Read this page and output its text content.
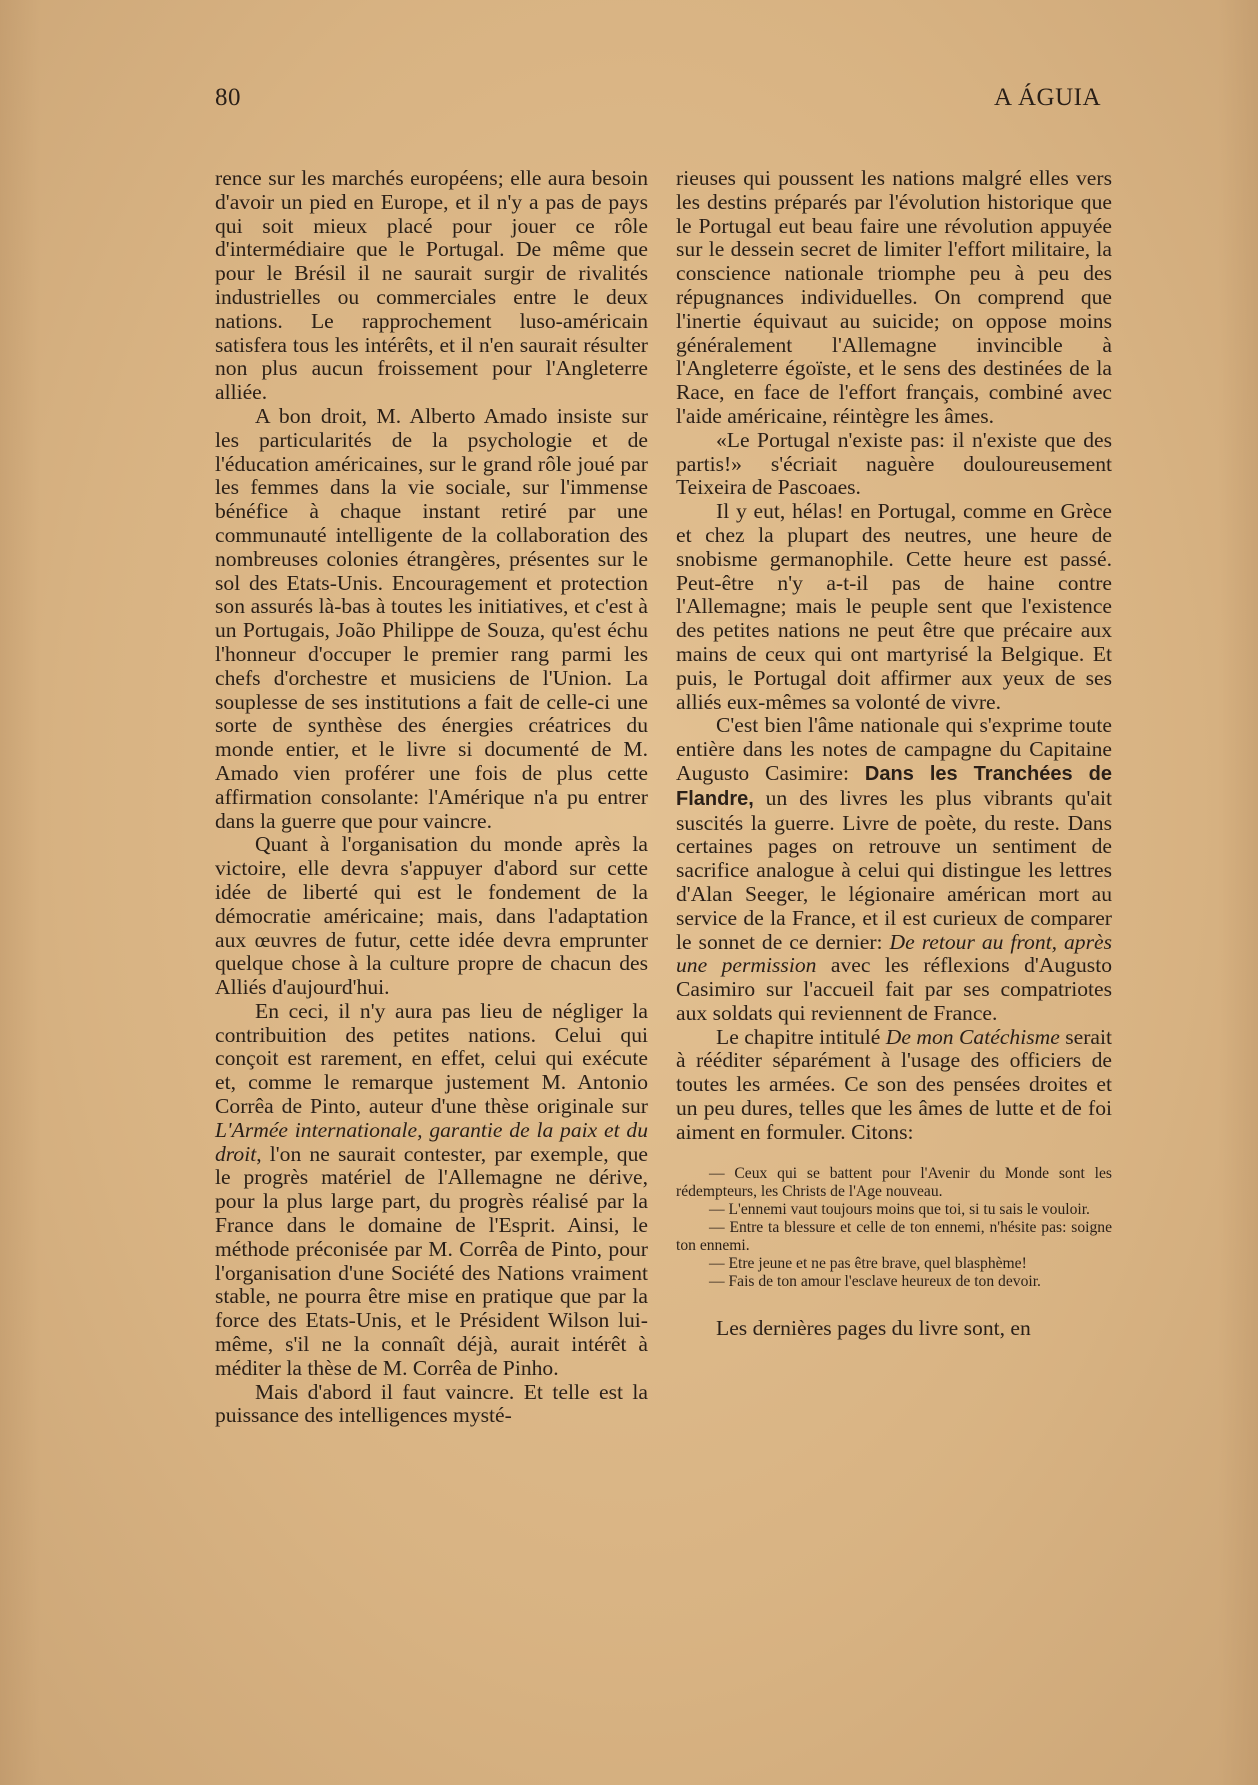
80	A ÁGUIA

rence sur les marchés européens; elle aura besoin d'avoir un pied en Europe, et il n'y a pas de pays qui soit mieux placé pour jouer ce rôle d'intermédiaire que le Portugal. De même que pour le Brésil il ne saurait surgir de rivalités industrielles ou commerciales entre le deux nations. Le rapprochement luso-américain satisfera tous les intérêts, et il n'en saurait résulter non plus aucun froissement pour l'Angleterre alliée.

A bon droit, M. Alberto Amado insiste sur les particularités de la psychologie et de l'éducation américaines, sur le grand rôle joué par les femmes dans la vie sociale, sur l'immense bénéfice à chaque instant retiré par une communauté intelligente de la collaboration des nombreuses colonies étrangères, présentes sur le sol des Etats-Unis. Encouragement et protection son assurés là-bas à toutes les initiatives, et c'est à un Portugais, João Philippe de Souza, qu'est échu l'honneur d'occuper le premier rang parmi les chefs d'orchestre et musiciens de l'Union. La souplesse de ses institutions a fait de celle-ci une sorte de synthèse des énergies créatrices du monde entier, et le livre si documenté de M. Amado vien proférer une fois de plus cette affirmation consolante: l'Amérique n'a pu entrer dans la guerre que pour vaincre.

Quant à l'organisation du monde après la victoire, elle devra s'appuyer d'abord sur cette idée de liberté qui est le fondement de la démocratie américaine; mais, dans l'adaptation aux œuvres de futur, cette idée devra emprunter quelque chose à la culture propre de chacun des Alliés d'aujourd'hui.

En ceci, il n'y aura pas lieu de négliger la contribuition des petites nations. Celui qui conçoit est rarement, en effet, celui qui exécute et, comme le remarque justement M. Antonio Corrêa de Pinto, auteur d'une thèse originale sur L'Armée internationale, garantie de la paix et du droit, l'on ne saurait contester, par exemple, que le progrès matériel de l'Allemagne ne dérive, pour la plus large part, du progrès réalisé par la France dans le domaine de l'Esprit. Ainsi, le méthode préconisée par M. Corrêa de Pinto, pour l'organisation d'une Société des Nations vraiment stable, ne pourra être mise en pratique que par la force des Etats-Unis, et le Président Wilson lui-même, s'il ne la connaît déjà, aurait intérêt à méditer la thèse de M. Corrêa de Pinho.

Mais d'abord il faut vaincre. Et telle est la puissance des intelligences mysté-

rieuses qui poussent les nations malgré elles vers les destins préparés par l'évolution historique que le Portugal eut beau faire une révolution appuyée sur le dessein secret de limiter l'effort militaire, la conscience nationale triomphe peu à peu des répugnances individuelles. On comprend que l'inertie équivaut au suicide; on oppose moins généralement l'Allemagne invincible à l'Angleterre égoïste, et le sens des destinées de la Race, en face de l'effort français, combiné avec l'aide américaine, réintègre les âmes.

«Le Portugal n'existe pas: il n'existe que des partis!» s'écriait naguère douloureusement Teixeira de Pascoaes.

Il y eut, hélas! en Portugal, comme en Grèce et chez la plupart des neutres, une heure de snobisme germanophile. Cette heure est passé. Peut-être n'y a-t-il pas de haine contre l'Allemagne; mais le peuple sent que l'existence des petites nations ne peut être que précaire aux mains de ceux qui ont martyrisé la Belgique. Et puis, le Portugal doit affirmer aux yeux de ses alliés eux-mêmes sa volonté de vivre.

C'est bien l'âme nationale qui s'exprime toute entière dans les notes de campagne du Capitaine Augusto Casimire: Dans les Tranchées de Flandre, un des livres les plus vibrants qu'ait suscités la guerre. Livre de poète, du reste. Dans certaines pages on retrouve un sentiment de sacrifice analogue à celui qui distingue les lettres d'Alan Seeger, le légionaire américan mort au service de la France, et il est curieux de comparer le sonnet de ce dernier: De retour au front, après une permission avec les réflexions d'Augusto Casimiro sur l'accueil fait par ses compatriotes aux soldats qui reviennent de France.

Le chapitre intitulé De mon Catéchisme serait à rééditer séparément à l'usage des officiers de toutes les armées. Ce son des pensées droites et un peu dures, telles que les âmes de lutte et de foi aiment en formuler. Citons:

— Ceux qui se battent pour l'Avenir du Monde sont les rédempteurs, les Christs de l'Age nouveau.

— L'ennemi vaut toujours moins que toi, si tu sais le vouloir.

— Entre ta blessure et celle de ton ennemi, n'hésite pas: soigne ton ennemi.

— Etre jeune et ne pas être brave, quel blasphème!

— Fais de ton amour l'esclave heureux de ton devoir.

Les dernières pages du livre sont, en
